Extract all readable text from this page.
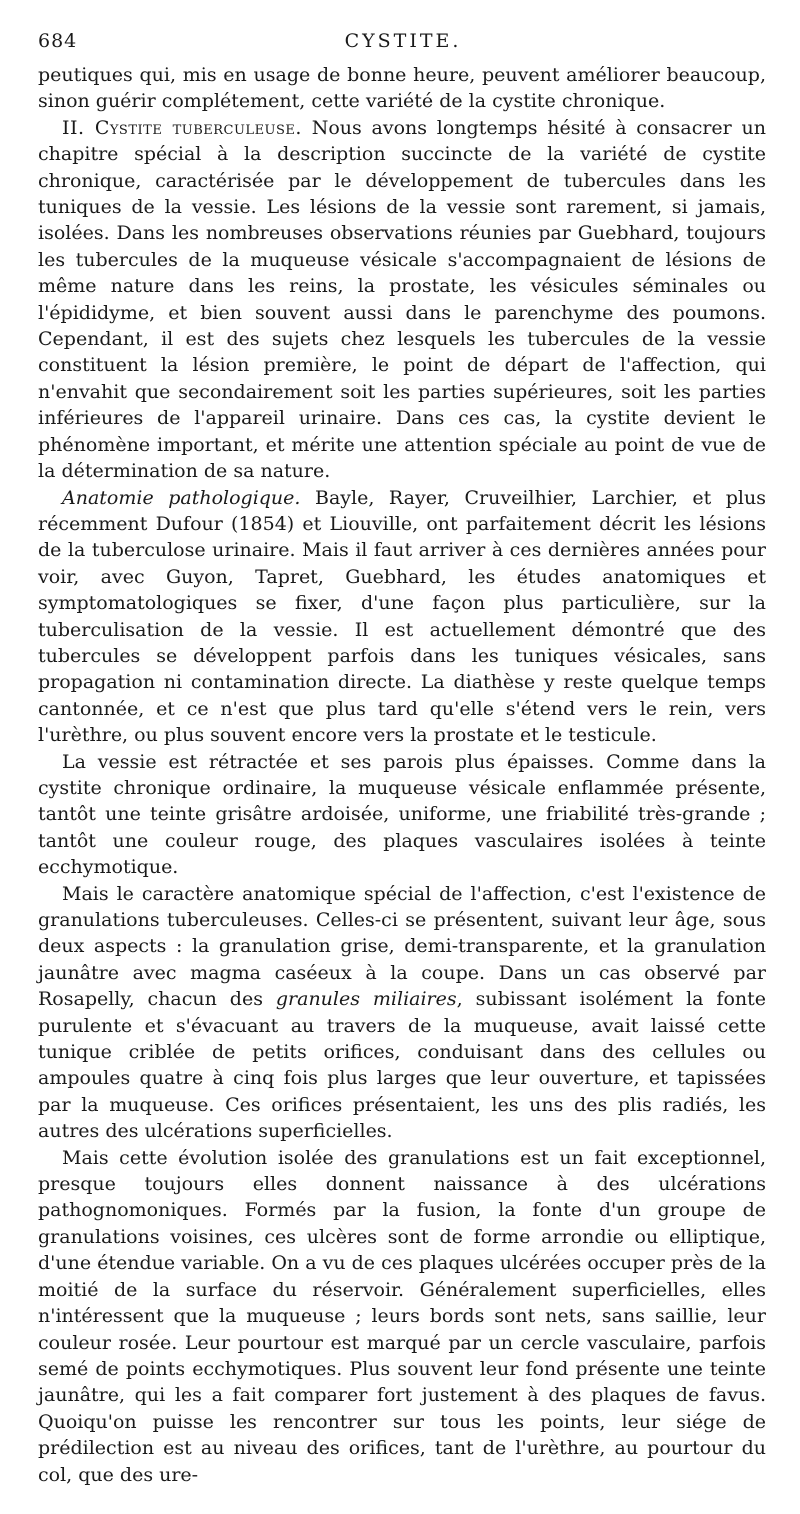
684	CYSTITE.

peutiques qui, mis en usage de bonne heure, peuvent améliorer beaucoup, sinon guérir complétement, cette variété de la cystite chronique.

II. Cystite tuberculeuse. Nous avons longtemps hésité à consacrer un chapitre spécial à la description succincte de la variété de cystite chronique, caractérisée par le développement de tubercules dans les tuniques de la vessie. Les lésions de la vessie sont rarement, si jamais, isolées. Dans les nombreuses observations réunies par Guebhard, toujours les tubercules de la muqueuse vésicale s'accompagnaient de lésions de même nature dans les reins, la prostate, les vésicules séminales ou l'épididyme, et bien souvent aussi dans le parenchyme des poumons. Cependant, il est des sujets chez lesquels les tubercules de la vessie constituent la lésion première, le point de départ de l'affection, qui n'envahit que secondairement soit les parties supérieures, soit les parties inférieures de l'appareil urinaire. Dans ces cas, la cystite devient le phénomène important, et mérite une attention spéciale au point de vue de la détermination de sa nature.

Anatomie pathologique. Bayle, Rayer, Cruveilhier, Larchier, et plus récemment Dufour (1854) et Liouville, ont parfaitement décrit les lésions de la tuberculose urinaire. Mais il faut arriver à ces dernières années pour voir, avec Guyon, Tapret, Guebhard, les études anatomiques et symptomatologiques se fixer, d'une façon plus particulière, sur la tuberculisation de la vessie. Il est actuellement démontré que des tubercules se développent parfois dans les tuniques vésicales, sans propagation ni contamination directe. La diathèse y reste quelque temps cantonnée, et ce n'est que plus tard qu'elle s'étend vers le rein, vers l'urèthre, ou plus souvent encore vers la prostate et le testicule.

La vessie est rétractée et ses parois plus épaisses. Comme dans la cystite chronique ordinaire, la muqueuse vésicale enflammée présente, tantôt une teinte grisâtre ardoisée, uniforme, une friabilité très-grande ; tantôt une couleur rouge, des plaques vasculaires isolées à teinte ecchymotique.

Mais le caractère anatomique spécial de l'affection, c'est l'existence de granulations tuberculeuses. Celles-ci se présentent, suivant leur âge, sous deux aspects : la granulation grise, demi-transparente, et la granulation jaunâtre avec magma caséeux à la coupe. Dans un cas observé par Rosapelly, chacun des granules miliaires, subissant isolément la fonte purulente et s'évacuant au travers de la muqueuse, avait laissé cette tunique criblée de petits orifices, conduisant dans des cellules ou ampoules quatre à cinq fois plus larges que leur ouverture, et tapissées par la muqueuse. Ces orifices présentaient, les uns des plis radiés, les autres des ulcérations superficielles.

Mais cette évolution isolée des granulations est un fait exceptionnel, presque toujours elles donnent naissance à des ulcérations pathognomoniques. Formés par la fusion, la fonte d'un groupe de granulations voisines, ces ulcères sont de forme arrondie ou elliptique, d'une étendue variable. On a vu de ces plaques ulcérées occuper près de la moitié de la surface du réservoir. Généralement superficielles, elles n'intéressent que la muqueuse ; leurs bords sont nets, sans saillie, leur couleur rosée. Leur pourtour est marqué par un cercle vasculaire, parfois semé de points ecchymotiques. Plus souvent leur fond présente une teinte jaunâtre, qui les a fait comparer fort justement à des plaques de favus. Quoiqu'on puisse les rencontrer sur tous les points, leur siége de prédilection est au niveau des orifices, tant de l'urèthre, au pourtour du col, que des ure-
